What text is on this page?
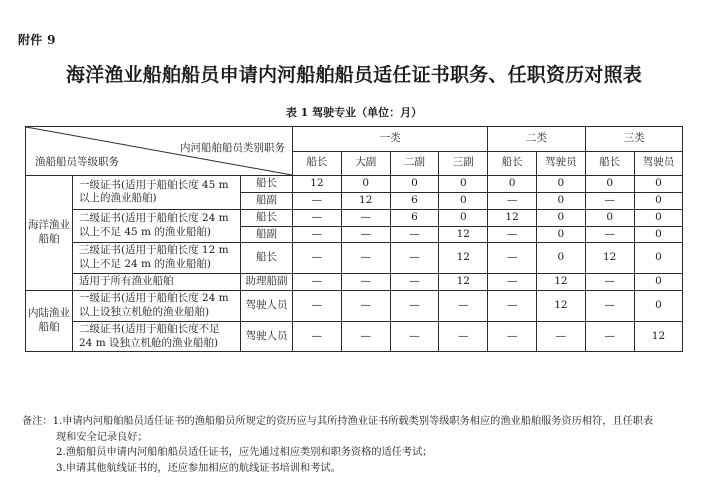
附件 9
海洋渔业船舶船员申请内河船舶船员适任证书职务、任职资历对照表
表 1 驾驶专业（单位：月）
内河船舶船员类别职务
渔船船员等级职务			一类				二类		三类	
			船长	大副	二副	三副	船长	驾驶员	船长	驾驶员
海洋渔业船舶	一级证书(适用于船舶长度 45 m 以上的渔业船舶)	船长	12	0	0	0	0	0	0	0
		船副	—	12	6	0	—	0	—	0
	二级证书(适用于船舶长度 24 m 以上不足 45 m 的渔业船舶)	船长	—	—	6	0	12	0	0	0
		船副	—	—	—	12	—	0	—	0
	三级证书(适用于船舶长度 12 m 以上不足 24 m 的渔业船舶)	船长	—	—	—	12	—	0	12	0
	适用于所有渔业船舶	助理船副	—	—	—	12	—	12	—	0
内陆渔业船舶	一级证书(适用于船舶长度 24 m 以上设独立机舱的渔业船舶)	驾驶人员	—	—	—	—	—	12	—	0
	二级证书(适用于船舶长度不足 24 m 设独立机舱的渔业船舶)	驾驶人员	—	—	—	—	—	—	—	12
备注： 1. 申请内河船舶船员适任证书的渔船船员所规定的资历应与其所持渔业证书所载类别等级职务相应的渔业船舶服务资历相符，且任职表
现和安全记录良好；
2. 渔船船员申请内河船舶船员适任证书，应先通过相应类别和职务资格的适任考试；
3. 申请其他航线证书的，还应参加相应的航线证书培训和考试。
